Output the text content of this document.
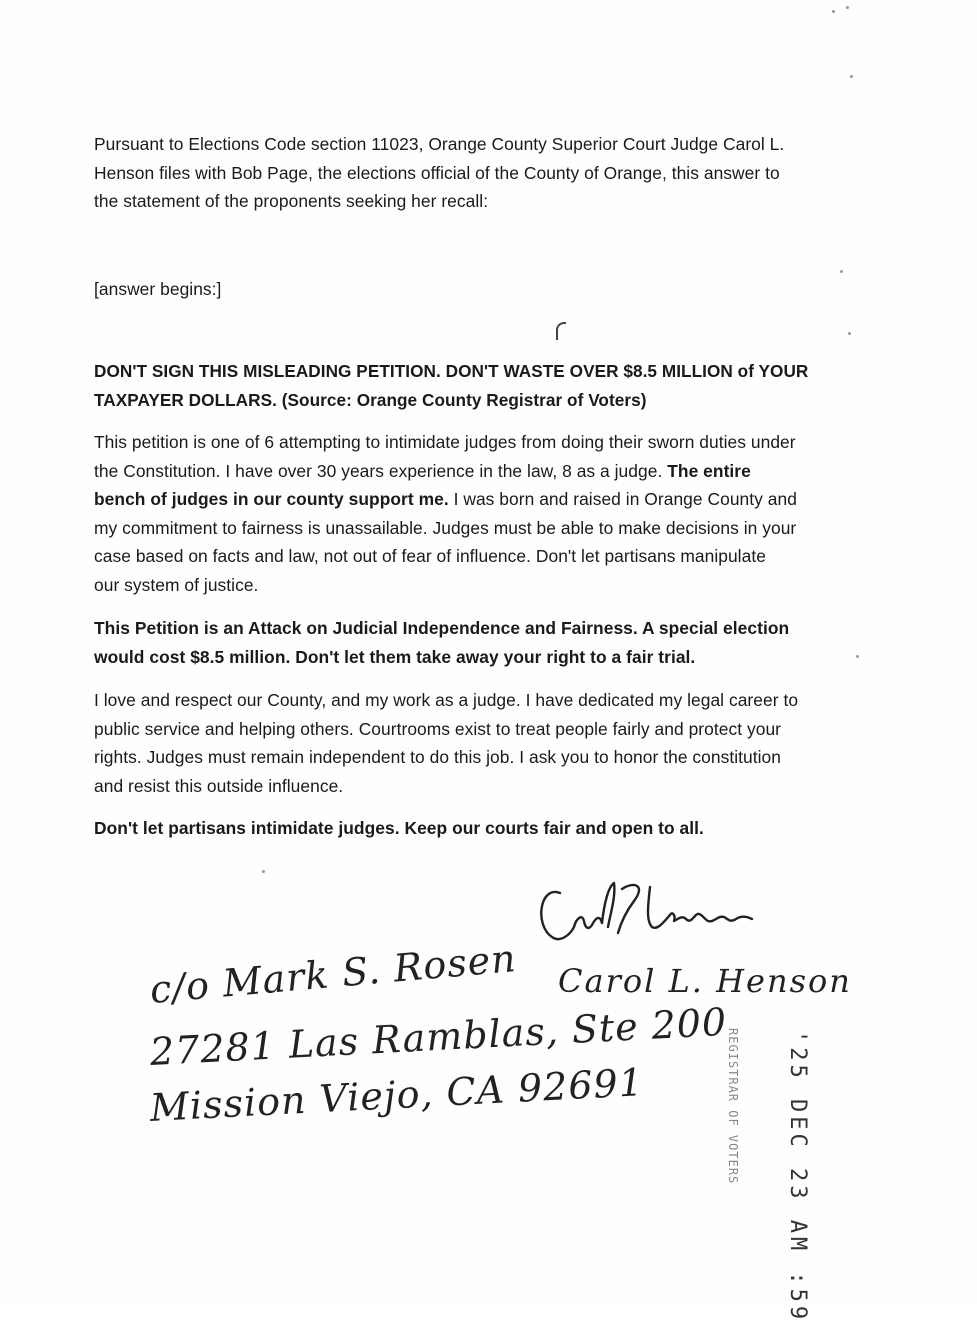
Pursuant to Elections Code section 11023, Orange County Superior Court Judge Carol L.
Henson files with Bob Page, the elections official of the County of Orange, this answer to
the statement of the proponents seeking her recall:

[answer begins:]

DON'T SIGN THIS MISLEADING PETITION. DON'T WASTE OVER $8.5 MILLION of YOUR
TAXPAYER DOLLARS. (Source: Orange County Registrar of Voters)

This petition is one of 6 attempting to intimidate judges from doing their sworn duties under
the Constitution. I have over 30 years experience in the law, 8 as a judge. The entire
bench of judges in our county support me. I was born and raised in Orange County and
my commitment to fairness is unassailable. Judges must be able to make decisions in your
case based on facts and law, not out of fear of influence. Don't let partisans manipulate
our system of justice.

This Petition is an Attack on Judicial Independence and Fairness. A special election
would cost $8.5 million. Don't let them take away your right to a fair trial.

I love and respect our County, and my work as a judge. I have dedicated my legal career to
public service and helping others. Courtrooms exist to treat people fairly and protect your
rights. Judges must remain independent to do this job. I ask you to honor the constitution
and resist this outside influence.

Don't let partisans intimidate judges. Keep our courts fair and open to all.

Carol L. Henson
c/o Mark S. Rosen
27281 Las Ramblas, Ste 200
Mission Viejo, CA 92691	'25 DEC 23 AM :59
REGISTRAR OF VOTERS
